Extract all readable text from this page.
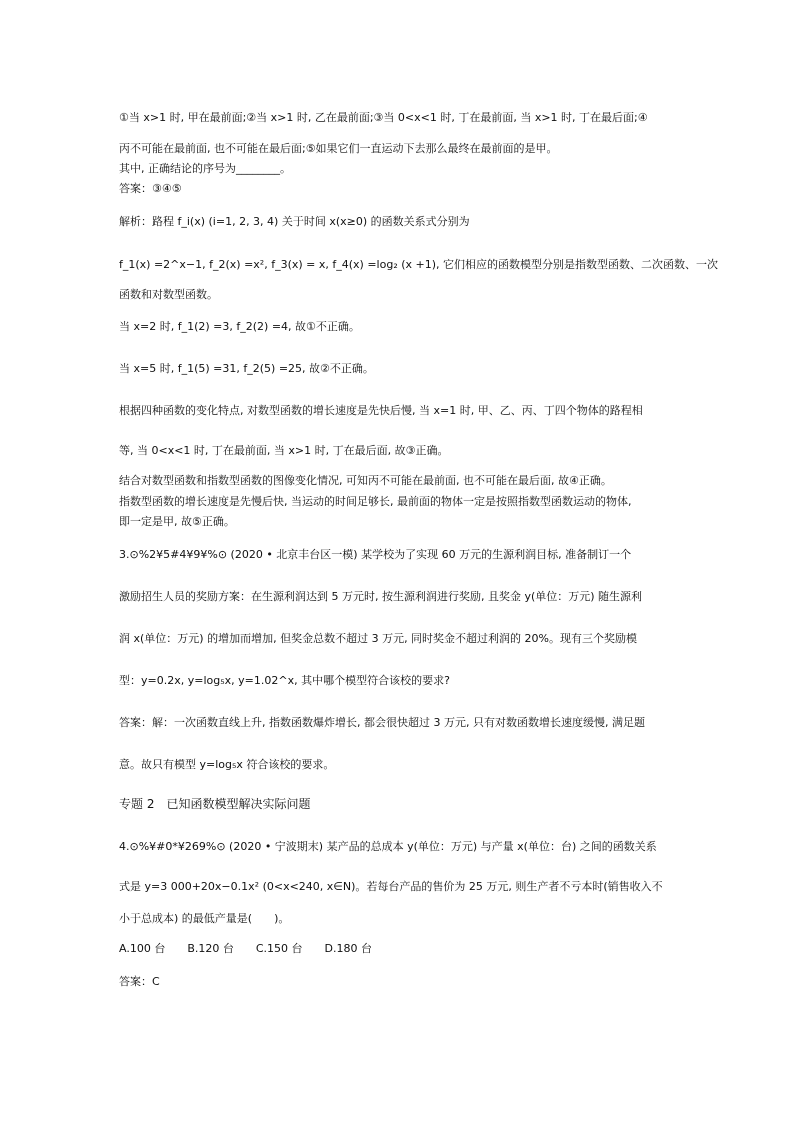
①当 x>1 时, 甲在最前面;②当 x>1 时, 乙在最前面;③当 0<x<1 时, 丁在最前面, 当 x>1 时, 丁在最后面;④
丙不可能在最前面, 也不可能在最后面;⑤如果它们一直运动下去那么最终在最前面的是甲。
其中, 正确结论的序号为________。
答案：③④⑤
解析：路程 f_i(x) (i=1, 2, 3, 4) 关于时间 x(x≥0) 的函数关系式分别为
f_1(x) =2^x−1, f_2(x) =x², f_3(x) = x, f_4(x) =log₂ (x +1), 它们相应的函数模型分别是指数型函数、二次函数、一次
函数和对数型函数。
当 x=2 时, f_1(2) =3, f_2(2) =4, 故①不正确。
当 x=5 时, f_1(5) =31, f_2(5) =25, 故②不正确。
根据四种函数的变化特点, 对数型函数的增长速度是先快后慢, 当 x=1 时, 甲、乙、丙、丁四个物体的路程相
等, 当 0<x<1 时, 丁在最前面, 当 x>1 时, 丁在最后面, 故③正确。
结合对数型函数和指数型函数的图像变化情况, 可知丙不可能在最前面, 也不可能在最后面, 故④正确。
指数型函数的增长速度是先慢后快, 当运动的时间足够长, 最前面的物体一定是按照指数型函数运动的物体,
即一定是甲, 故⑤正确。
3.⊙%2¥5#4¥9¥%⊙ (2020 • 北京丰台区一模) 某学校为了实现 60 万元的生源利润目标, 准备制订一个
激励招生人员的奖励方案：在生源利润达到 5 万元时, 按生源利润进行奖励, 且奖金 y(单位：万元) 随生源利
润 x(单位：万元) 的增加而增加, 但奖金总数不超过 3 万元, 同时奖金不超过利润的 20%。现有三个奖励模
型：y=0.2x, y=log₅x, y=1.02^x, 其中哪个模型符合该校的要求?
答案：解：一次函数直线上升, 指数函数爆炸增长, 都会很快超过 3 万元, 只有对数函数增长速度缓慢, 满足题
意。故只有模型 y=log₅x 符合该校的要求。
专题 2　已知函数模型解决实际问题
4.⊙%¥#0*¥269%⊙ (2020 • 宁波期末) 某产品的总成本 y(单位：万元) 与产量 x(单位：台) 之间的函数关系
式是 y=3 000+20x−0.1x² (0<x<240, x∈N)。若每台产品的售价为 25 万元, 则生产者不亏本时(销售收入不
小于总成本) 的最低产量是(　　)。
A.100 台　　B.120 台　　C.150 台　　D.180 台
答案：C
